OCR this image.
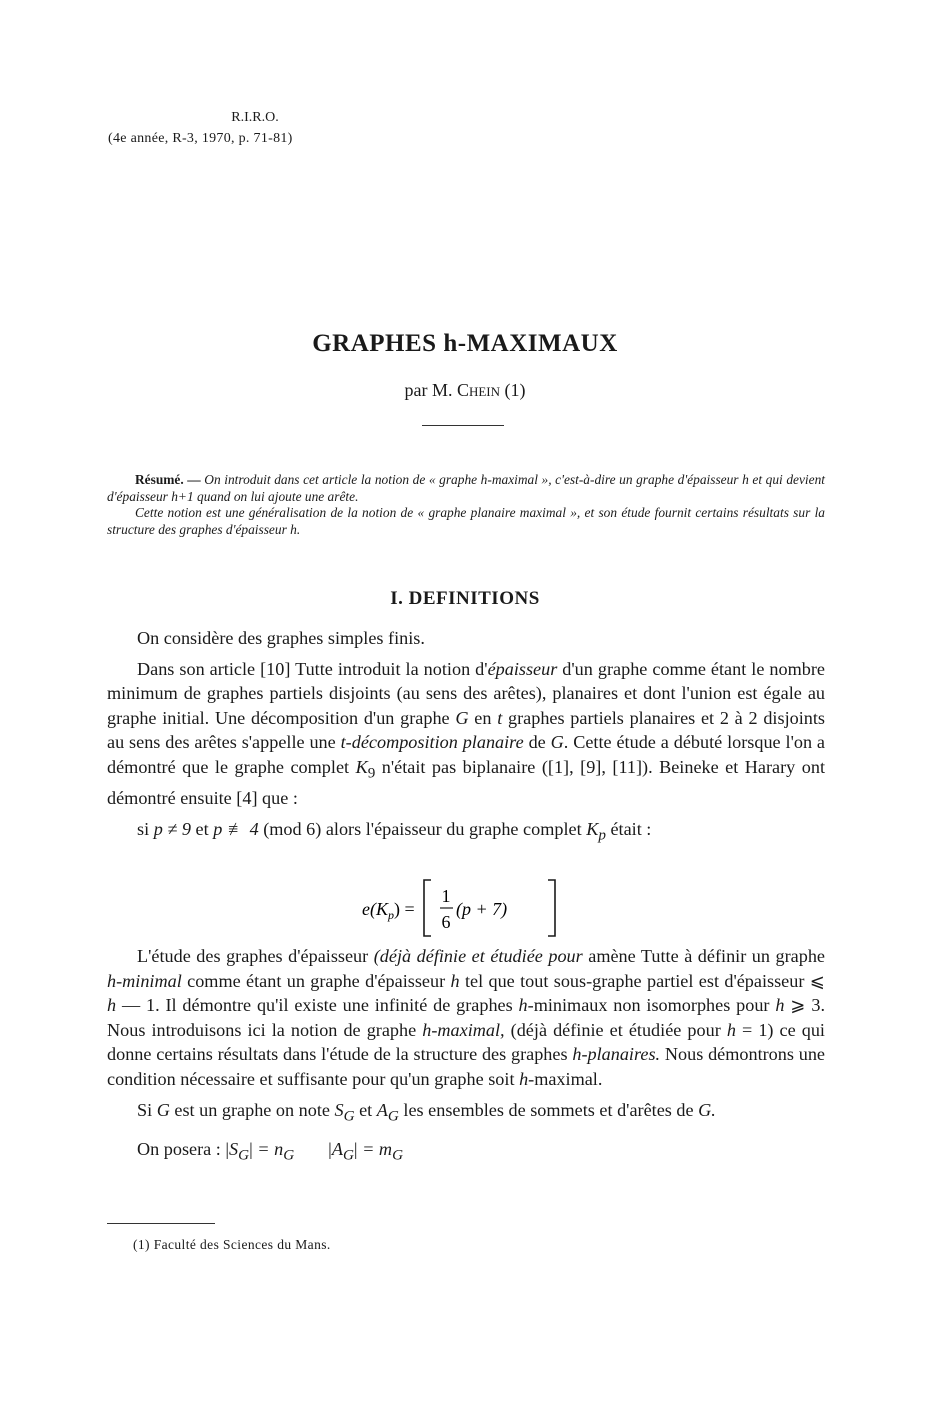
R.I.R.O.
(4e année, R-3, 1970, p. 71-81)
GRAPHES h-MAXIMAUX
par M. Chein (1)

Résumé. — On introduit dans cet article la notion de « graphe h-maximal », c'est-à-dire un graphe d'épaisseur h et qui devient d'épaisseur h+1 quand on lui ajoute une arête.

Cette notion est une généralisation de la notion de « graphe planaire maximal », et son étude fournit certains résultats sur la structure des graphes d'épaisseur h.

I. DEFINITIONS

On considère des graphes simples finis.

Dans son article [10] Tutte introduit la notion d'épaisseur d'un graphe comme étant le nombre minimum de graphes partiels disjoints (au sens des arêtes), planaires et dont l'union est égale au graphe initial. Une décomposition d'un graphe G en t graphes partiels planaires et 2 à 2 disjoints au sens des arêtes s'appelle une t-décomposition planaire de G. Cette étude a débuté lorsque l'on a démontré que le graphe complet $K_9$ n'était pas biplanaire ([1], [9], [11]). Beineke et Harary ont démontré ensuite [4] que :

si p ≠ 9 et p ≢ 4 (mod 6) alors l'épaisseur du graphe complet $K_p$ était :

$e(K_p)$ =
1
6
(p + 7)

L'étude des graphes d'épaisseur (déjà définie et étudiée pour amène Tutte à définir un graphe h-minimal comme étant un graphe d'épaisseur h tel que tout sous-graphe partiel est d'épaisseur ⩽ h — 1. Il démontre qu'il existe une infinité de graphes h-minimaux non isomorphes pour h ⩾ 3. Nous introduisons ici la notion de graphe h-maximal, (déjà définie et étudiée pour h = 1) ce qui donne certains résultats dans l'étude de la structure des graphes h-planaires. Nous démontrons une condition nécessaire et suffisante pour qu'un graphe soit h-maximal.

Si G est un graphe on note $S_G$ et $A_G$ les ensembles de sommets et d'arêtes de G.

On posera : $|S_G| = n_G$ $|A_G| = m_G$

(1) Faculté des Sciences du Mans.
